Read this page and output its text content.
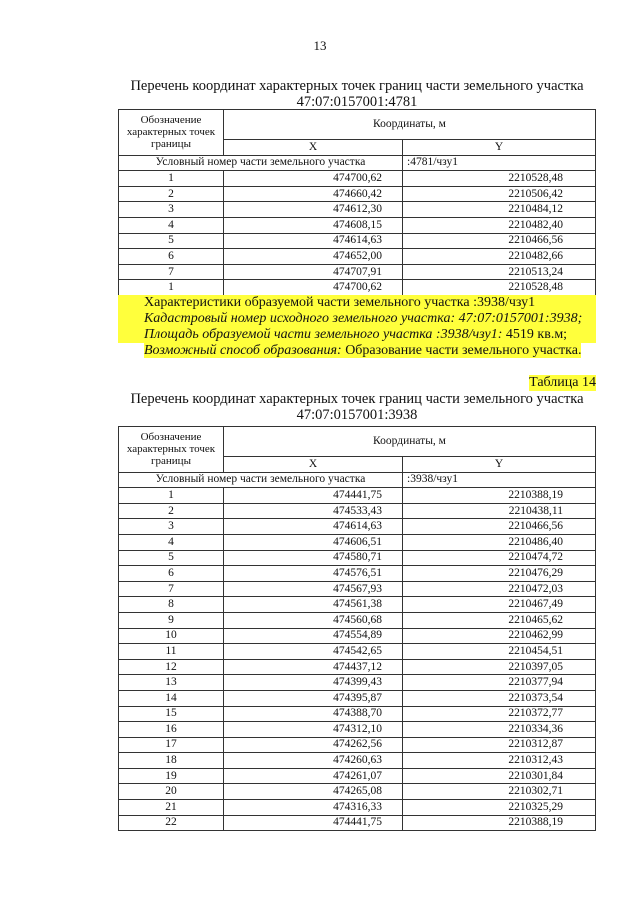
13
Перечень координат характерных точек границ части земельного участка
47:07:0157001:4781
Обозначение характерных точек границы	Координаты, м	
	X	Y
Условный номер части земельного участка		:4781/чзу1
1	474700,62	2210528,48
2	474660,42	2210506,42
3	474612,30	2210484,12
4	474608,15	2210482,40
5	474614,63	2210466,56
6	474652,00	2210482,66
7	474707,91	2210513,24
1	474700,62	2210528,48
Характеристики образуемой части земельного участка :3938/чзу1
Кадастровый номер исходного земельного участка: 47:07:0157001:3938;
Площадь образуемой части земельного участка :3938/чзу1: 4519 кв.м;
Возможный способ образования: Образование части земельного участка.
Таблица 14
Перечень координат характерных точек границ части земельного участка
47:07:0157001:3938
Обозначение характерных точек границы	Координаты, м	
	X	Y
Условный номер части земельного участка		:3938/чзу1
1	474441,75	2210388,19
2	474533,43	2210438,11
3	474614,63	2210466,56
4	474606,51	2210486,40
5	474580,71	2210474,72
6	474576,51	2210476,29
7	474567,93	2210472,03
8	474561,38	2210467,49
9	474560,68	2210465,62
10	474554,89	2210462,99
11	474542,65	2210454,51
12	474437,12	2210397,05
13	474399,43	2210377,94
14	474395,87	2210373,54
15	474388,70	2210372,77
16	474312,10	2210334,36
17	474262,56	2210312,87
18	474260,63	2210312,43
19	474261,07	2210301,84
20	474265,08	2210302,71
21	474316,33	2210325,29
22	474441,75	2210388,19
